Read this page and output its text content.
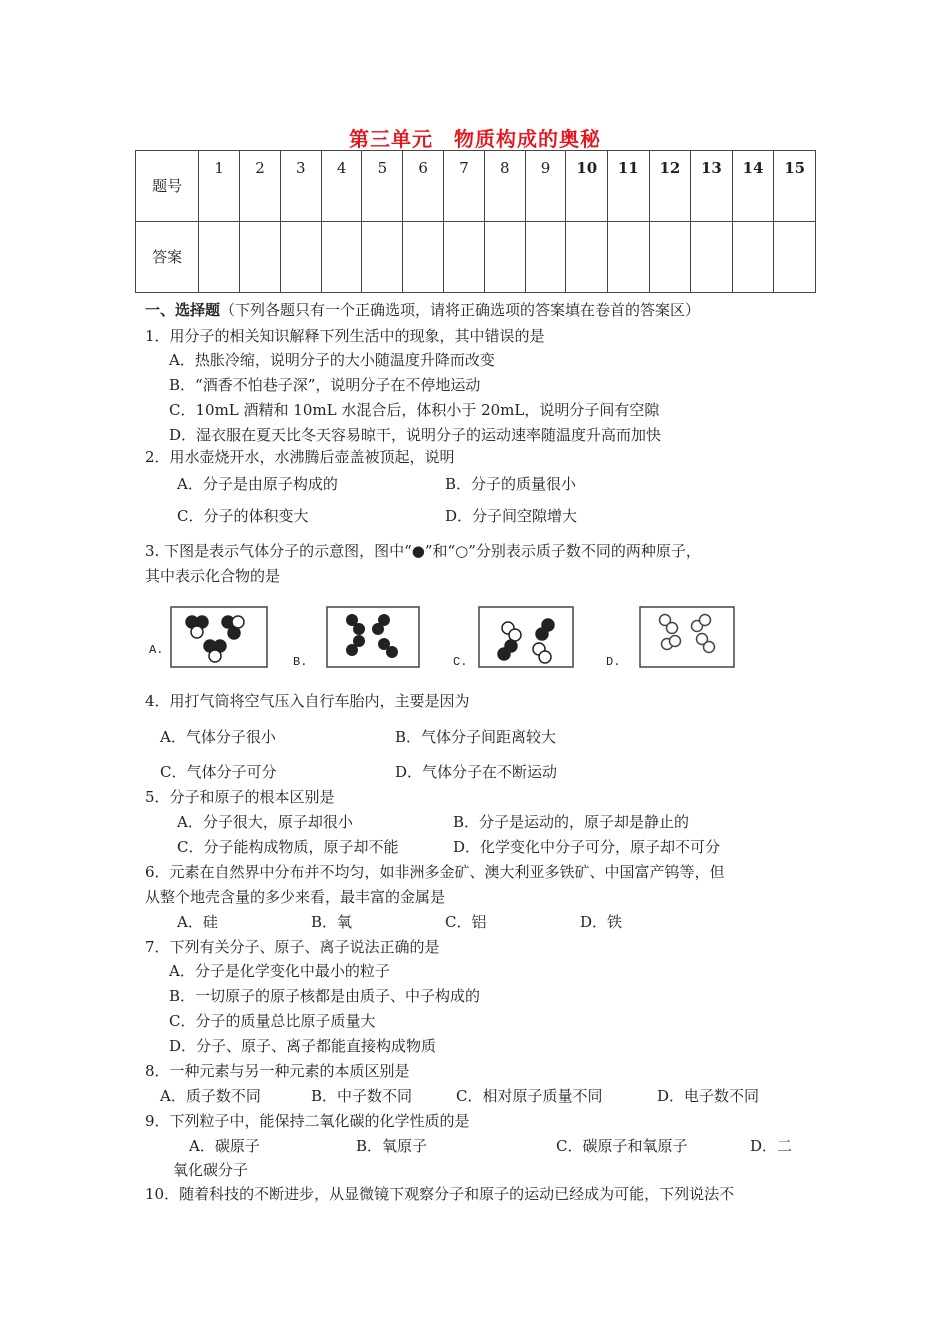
第三单元　物质构成的奥秘
题号	1	2	3	4	5	6	7	8	9	10	11	12	13	14	15
答案															
一、选择题（下列各题只有一个正确选项，请将正确选项的答案填在卷首的答案区）
1．用分子的相关知识解释下列生活中的现象，其中错误的是
A．热胀冷缩，说明分子的大小随温度升降而改变
B．“酒香不怕巷子深”，说明分子在不停地运动
C．10mL 酒精和 10mL 水混合后，体积小于 20mL，说明分子间有空隙
D．湿衣服在夏天比冬天容易晾干，说明分子的运动速率随温度升高而加快
2．用水壶烧开水，水沸腾后壶盖被顶起，说明
A．分子是由原子构成的	B．分子的质量很小
C．分子的体积变大	D．分子间空隙增大
3. 下图是表示气体分子的示意图，图中“●”和“○”分别表示质子数不同的两种原子，
其中表示化合物的是
A.
B.	C.	D.
4．用打气筒将空气压入自行车胎内，主要是因为
A．气体分子很小	B．气体分子间距离较大
C．气体分子可分	D．气体分子在不断运动
5．分子和原子的根本区别是
A．分子很大，原子却很小	B．分子是运动的，原子却是静止的
C．分子能构成物质，原子却不能	D．化学变化中分子可分，原子却不可分
6．元素在自然界中分布并不均匀，如非洲多金矿、澳大利亚多铁矿、中国富产钨等，但
从整个地壳含量的多少来看，最丰富的金属是
A．硅	B．氧	C．铝	D．铁
7．下列有关分子、原子、离子说法正确的是
A．分子是化学变化中最小的粒子
B．一切原子的原子核都是由质子、中子构成的
C．分子的质量总比原子质量大
D．分子、原子、离子都能直接构成物质
8．一种元素与另一种元素的本质区别是
A．质子数不同	B．中子数不同	C．相对原子质量不同	D．电子数不同
9．下列粒子中，能保持二氧化碳的化学性质的是
A．碳原子	B．氧原子	C．碳原子和氧原子	D．二
氧化碳分子
10．随着科技的不断进步，从显微镜下观察分子和原子的运动已经成为可能，下列说法不
